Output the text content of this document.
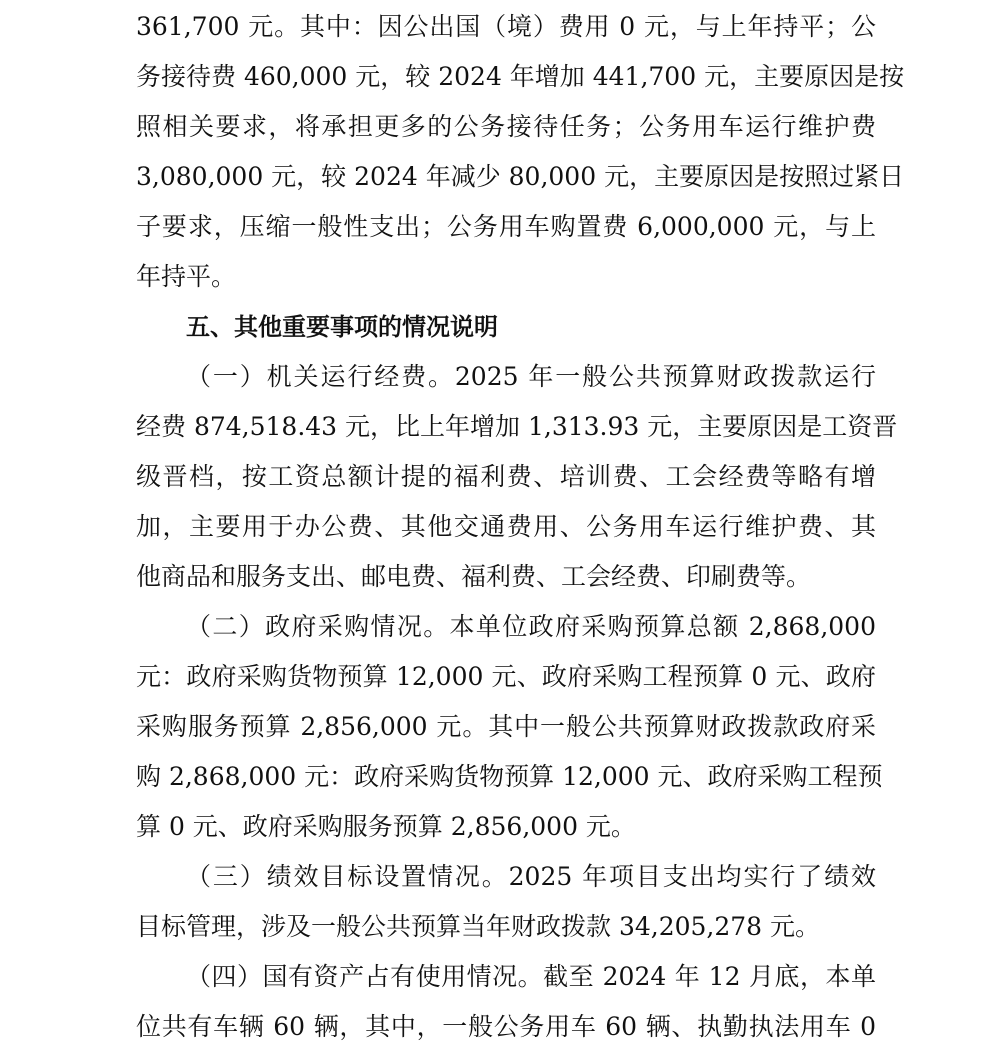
361,700 元。其中：因公出国（境）费用 0 元，与上年持平；公
务接待费 460,000 元，较 2024 年增加 441,700 元，主要原因是按
照相关要求，将承担更多的公务接待任务；公务用车运行维护费
3,080,000 元，较 2024 年减少 80,000 元，主要原因是按照过紧日
子要求，压缩一般性支出；公务用车购置费 6,000,000 元，与上
年持平。
五、其他重要事项的情况说明
（一）机关运行经费。2025 年一般公共预算财政拨款运行
经费 874,518.43 元，比上年增加 1,313.93 元，主要原因是工资晋
级晋档，按工资总额计提的福利费、培训费、工会经费等略有增
加，主要用于办公费、其他交通费用、公务用车运行维护费、其
他商品和服务支出、邮电费、福利费、工会经费、印刷费等。
（二）政府采购情况。本单位政府采购预算总额 2,868,000
元：政府采购货物预算 12,000 元、政府采购工程预算 0 元、政府
采购服务预算 2,856,000 元。其中一般公共预算财政拨款政府采
购 2,868,000 元：政府采购货物预算 12,000 元、政府采购工程预
算 0 元、政府采购服务预算 2,856,000 元。
（三）绩效目标设置情况。2025 年项目支出均实行了绩效
目标管理，涉及一般公共预算当年财政拨款 34,205,278 元。
（四）国有资产占有使用情况。截至 2024 年 12 月底，本单
位共有车辆 60 辆，其中，一般公务用车 60 辆、执勤执法用车 0
